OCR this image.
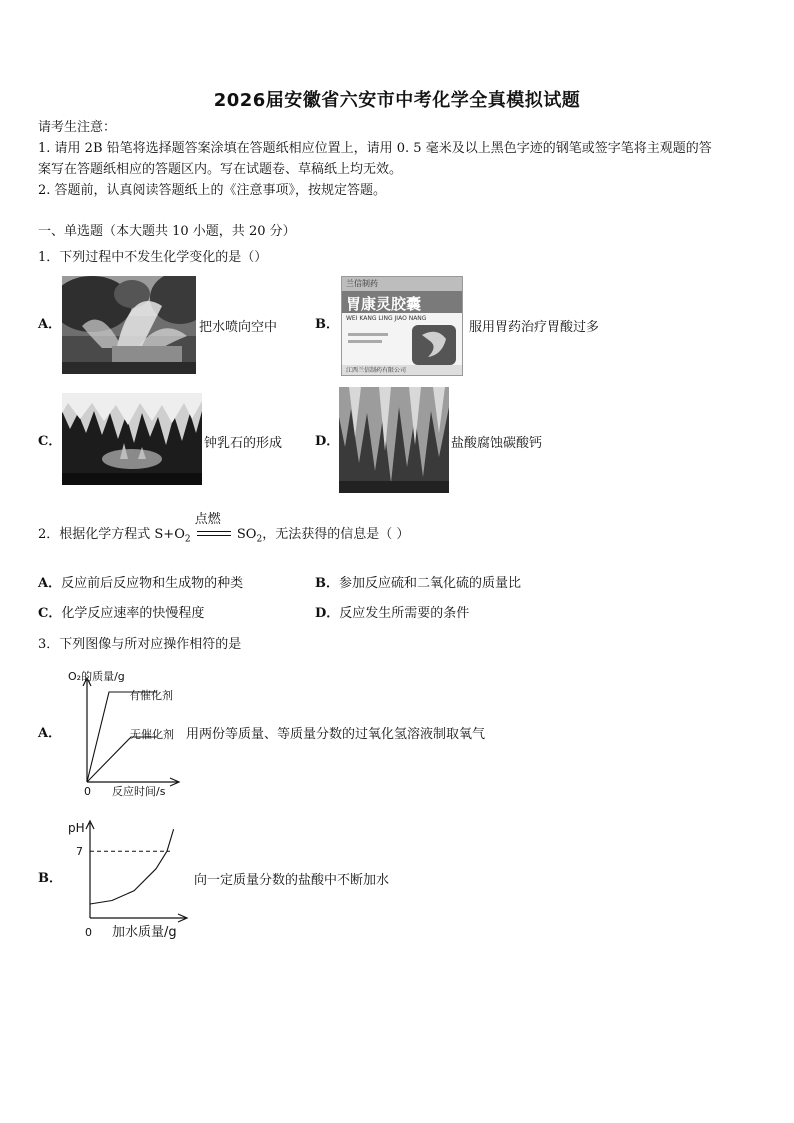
2026届安徽省六安市中考化学全真模拟试题
请考生注意：
1. 请用 2B 铅笔将选择题答案涂填在答题纸相应位置上，请用 0. 5 毫米及以上黑色字迹的钢笔或签字笔将主观题的答
案写在答题纸相应的答题区内。写在试题卷、草稿纸上均无效。
2. 答题前，认真阅读答题纸上的《注意事项》，按规定答题。
一、单选题（本大题共 10 小题，共 20 分）
1．下列过程中不发生化学变化的是（）
A．	把水喷向空中	B．
兰信制药
胃康灵胶囊
WEI KANG LING JIAO NANG
江西兰信制药有限公司
服用胃药治疗胃酸过多
C．	钟乳石的形成	D．	盐酸腐蚀碳酸钙
2．根据化学方程式 $S+O_2$
点燃
$SO_2$，无法获得的信息是（ ）
A．反应前后反应物和生成物的种类	B．参加反应硫和二氧化硫的质量比
C．化学反应速率的快慢程度	D．反应发生所需要的条件
3．下列图像与所对应操作相符的是
A．
O₂的质量/g
反应时间/s
0
有催化剂
无催化剂 用两份等质量、等质量分数的过氧化氢溶液制取氧气
B．
pH
加水质量/g
0
7
向一定质量分数的盐酸中不断加水
